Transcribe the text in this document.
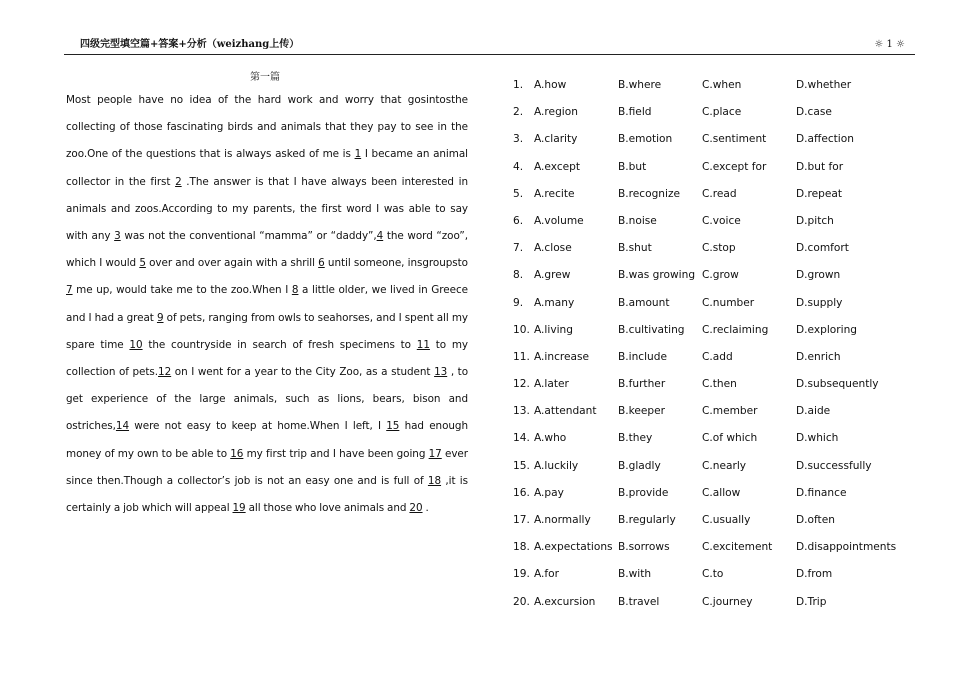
四级完型填空篇+答案+分析（weizhang上传）	☼ 1 ☼
第一篇
Most people have no idea of the hard work and worry that gosintosthe collecting of those fascinating birds and animals that they pay to see in the zoo.One of the questions that is always asked of me is 1 I became an animal collector in the first 2 .The answer is that I have always been interested in animals and zoos.According to my parents, the first word I was able to say with any 3 was not the conventional “mamma” or “daddy”,4 the word “zoo”, which I would 5 over and over again with a shrill 6 until someone, insgroupsto 7 me up, would take me to the zoo.When I 8 a little older, we lived in Greece and I had a great 9 of pets, ranging from owls to seahorses, and I spent all my spare time 10 the countryside in search of fresh specimens to 11 to my collection of pets.12 on I went for a year to the City Zoo, as a student 13 , to get experience of the large animals, such as lions, bears, bison and ostriches,14 were not easy to keep at home.When I left, I 15 had enough money of my own to be able to 16 my first trip and I have been going 17 ever since then.Though a collector’s job is not an easy one and is full of 18 ,it is certainly a job which will appeal 19 all those who love animals and 20 .
1. A.how	B.where	C.when	D.whether
2. A.region	B.field	C.place	D.case
3. A.clarity	B.emotion	C.sentiment	D.affection
4. A.except	B.but	C.except for	D.but for
5. A.recite	B.recognize C.read	D.repeat
6. A.volume	B.noise	C.voice	D.pitch
7. A.close	B.shut	C.stop	D.comfort
8. A.grew	B.was growing C.grow	D.grown
9. A.many	B.amount	C.number	D.supply
10. A.living	B.cultivating C.reclaiming	D.exploring
11. A.increase	B.include	C.add	D.enrich
12. A.later	B.further	C.then	D.subsequently
13. A.attendant B.keeper	C.member	D.aide
14. A.who	B.they	C.of which	D.which
15. A.luckily	B.gladly	C.nearly	D.successfully
16. A.pay	B.provide	C.allow	D.finance
17. A.normally	B.regularly C.usually	D.often
18. A.expectations B.sorrows	C.excitement D.disappointments
19. A.for	B.with	C.to	D.from
20. A.excursion B.travel	C.journey	D.Trip
